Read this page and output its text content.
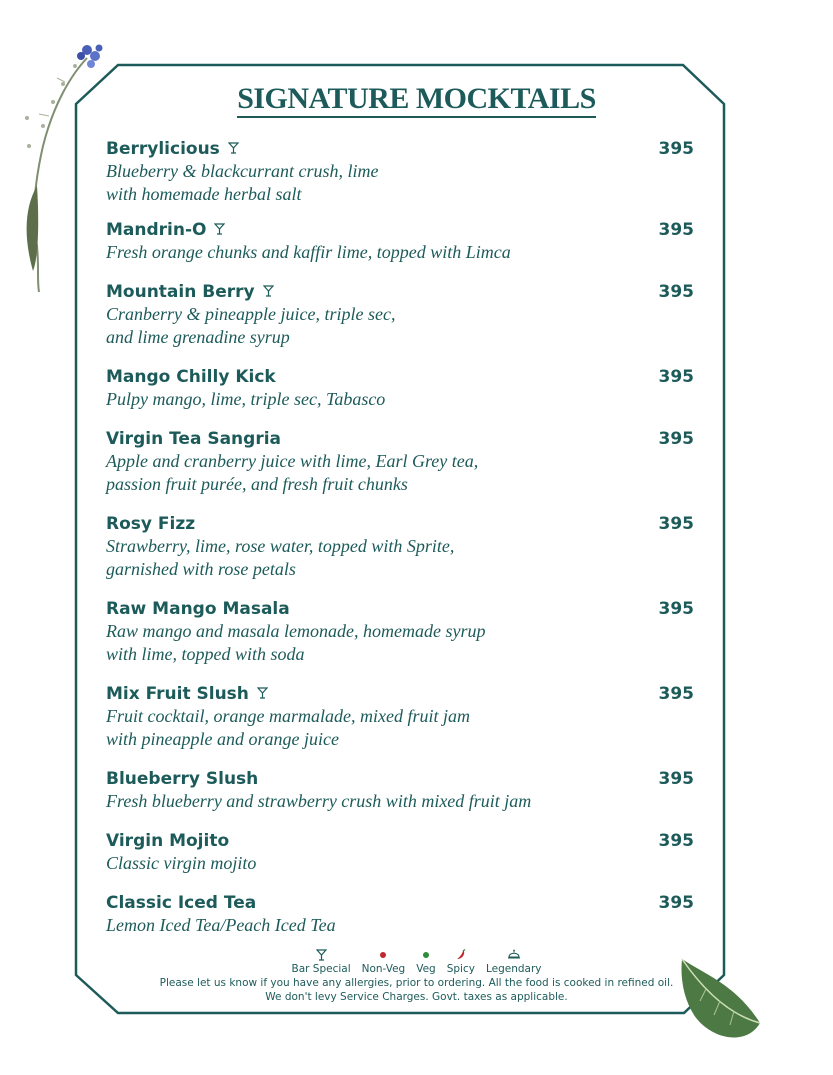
SIGNATURE MOCKTAILS
Berrylicious	395
Blueberry & blackcurrant crush, lime
with homemade herbal salt
Mandrin-O	395
Fresh orange chunks and kaffir lime, topped with Limca
Mountain Berry	395
Cranberry & pineapple juice, triple sec,
and lime grenadine syrup
Mango Chilly Kick	395
Pulpy mango, lime, triple sec, Tabasco
Virgin Tea Sangria	395
Apple and cranberry juice with lime, Earl Grey tea,
passion fruit purée, and fresh fruit chunks
Rosy Fizz	395
Strawberry, lime, rose water, topped with Sprite,
garnished with rose petals
Raw Mango Masala	395
Raw mango and masala lemonade, homemade syrup
with lime, topped with soda
Mix Fruit Slush	395
Fruit cocktail, orange marmalade, mixed fruit jam
with pineapple and orange juice
Blueberry Slush	395
Fresh blueberry and strawberry crush with mixed fruit jam
Virgin Mojito	395
Classic virgin mojito
Classic Iced Tea	395
Lemon Iced Tea/Peach Iced Tea
Bar Special Non-Veg Veg Spicy Legendary
Please let us know if you have any allergies, prior to ordering. All the food is cooked in refined oil.
We don't levy Service Charges. Govt. taxes as applicable.
